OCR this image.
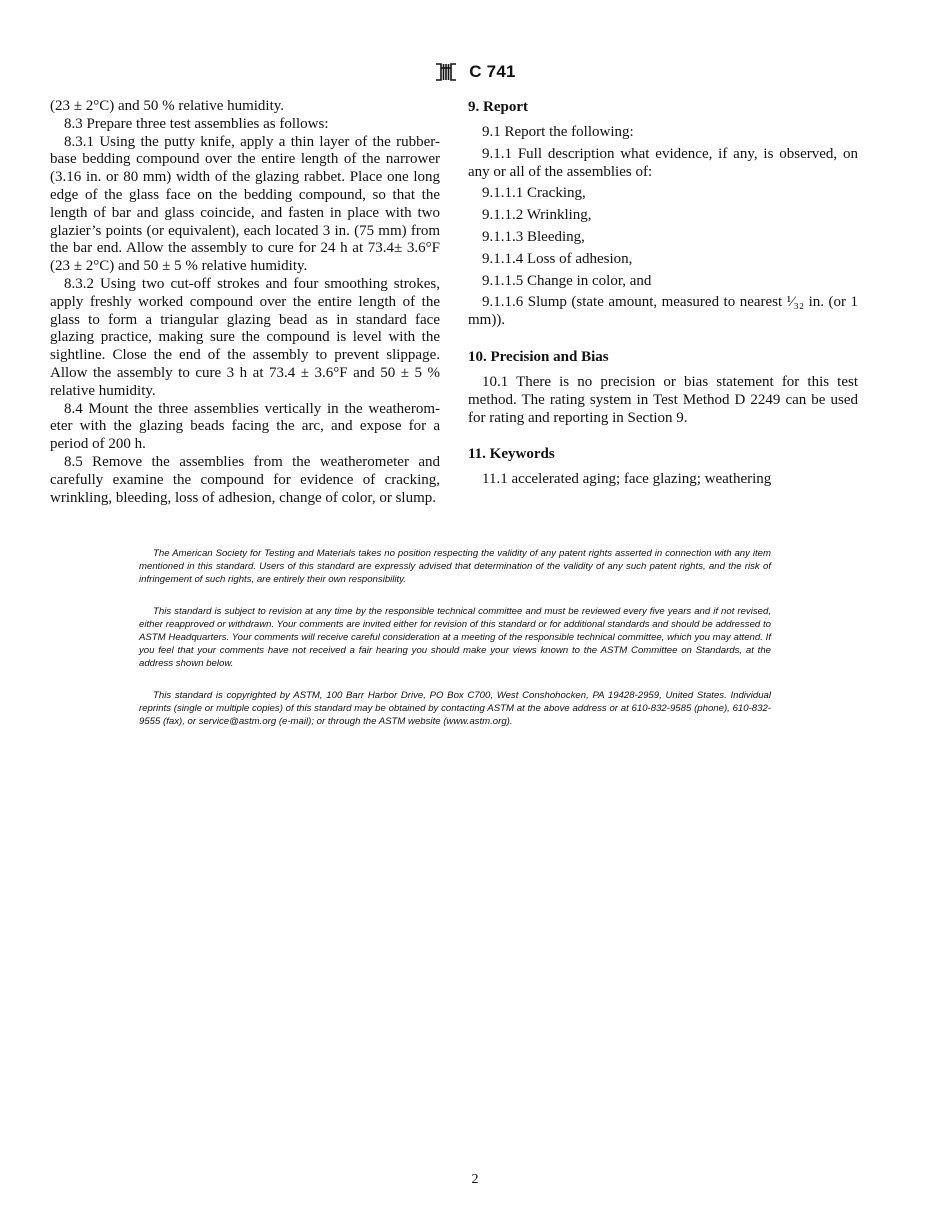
C 741

(23 ± 2°C) and 50 % relative humidity.

8.3 Prepare three test assemblies as follows:

8.3.1 Using the putty knife, apply a thin layer of the rubber-base bedding compound over the entire length of the narrower (3.16 in. or 80 mm) width of the glazing rabbet. Place one long edge of the glass face on the bedding compound, so that the length of bar and glass coincide, and fasten in place with two glazier’s points (or equivalent), each located 3 in. (75 mm) from the bar end. Allow the assembly to cure for 24 h at 73.4± 3.6°F (23 ± 2°C) and 50 ± 5 % relative humidity.

8.3.2 Using two cut-off strokes and four smoothing strokes, apply freshly worked compound over the entire length of the glass to form a triangular glazing bead as in standard face glazing practice, making sure the compound is level with the sightline. Close the end of the assembly to prevent slippage. Allow the assembly to cure 3 h at 73.4 ± 3.6°F and 50 ± 5 % relative humidity.

8.4 Mount the three assemblies vertically in the weatherom-eter with the glazing beads facing the arc, and expose for a period of 200 h.

8.5 Remove the assemblies from the weatherometer and carefully examine the compound for evidence of cracking, wrinkling, bleeding, loss of adhesion, change of color, or slump.

9. Report

9.1 Report the following:

9.1.1 Full description what evidence, if any, is observed, on any or all of the assemblies of:

9.1.1.1 Cracking,

9.1.1.2 Wrinkling,

9.1.1.3 Bleeding,

9.1.1.4 Loss of adhesion,

9.1.1.5 Change in color, and

9.1.1.6 Slump (state amount, measured to nearest ¹⁄₃₂ in. (or 1 mm)).

10. Precision and Bias

10.1 There is no precision or bias statement for this test method. The rating system in Test Method D 2249 can be used for rating and reporting in Section 9.

11. Keywords

11.1 accelerated aging; face glazing; weathering

The American Society for Testing and Materials takes no position respecting the validity of any patent rights asserted in connection with any item mentioned in this standard. Users of this standard are expressly advised that determination of the validity of any such patent rights, and the risk of infringement of such rights, are entirely their own responsibility.

This standard is subject to revision at any time by the responsible technical committee and must be reviewed every five years and if not revised, either reapproved or withdrawn. Your comments are invited either for revision of this standard or for additional standards and should be addressed to ASTM Headquarters. Your comments will receive careful consideration at a meeting of the responsible technical committee, which you may attend. If you feel that your comments have not received a fair hearing you should make your views known to the ASTM Committee on Standards, at the address shown below.

This standard is copyrighted by ASTM, 100 Barr Harbor Drive, PO Box C700, West Conshohocken, PA 19428-2959, United States. Individual reprints (single or multiple copies) of this standard may be obtained by contacting ASTM at the above address or at 610-832-9585 (phone), 610-832-9555 (fax), or service@astm.org (e-mail); or through the ASTM website (www.astm.org).

2
